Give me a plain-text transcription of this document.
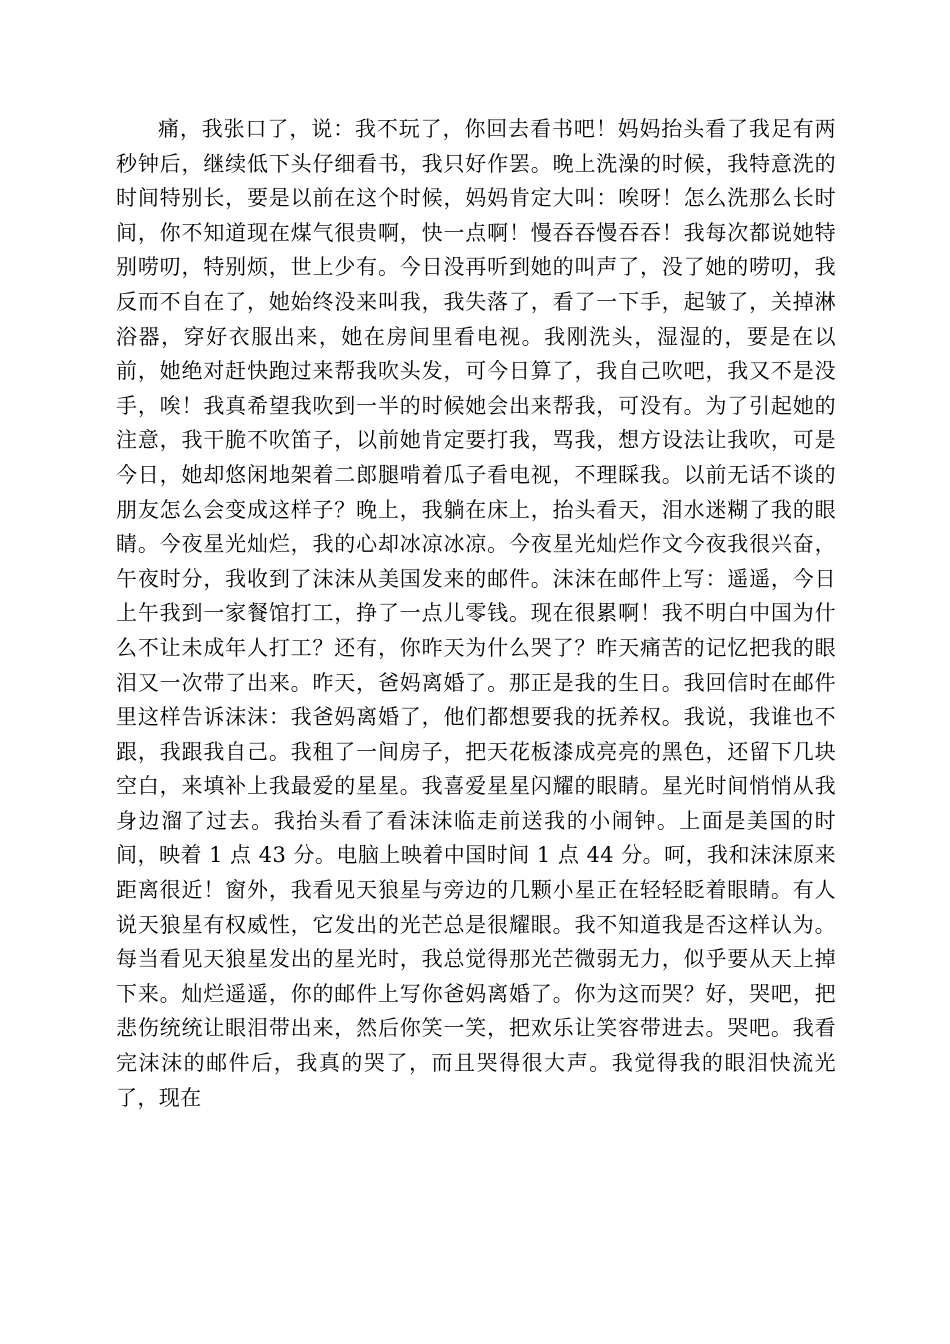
痛，我张口了，说：我不玩了，你回去看书吧！妈妈抬头看了我足有两秒钟后，继续低下头仔细看书，我只好作罢。晚上洗澡的时候，我特意洗的时间特别长，要是以前在这个时候，妈妈肯定大叫：唉呀！怎么洗那么长时间，你不知道现在煤气很贵啊，快一点啊！慢吞吞慢吞吞！我每次都说她特别唠叨，特别烦，世上少有。今日没再听到她的叫声了，没了她的唠叨，我反而不自在了，她始终没来叫我，我失落了，看了一下手，起皱了，关掉淋浴器，穿好衣服出来，她在房间里看电视。我刚洗头，湿湿的，要是在以前，她绝对赶快跑过来帮我吹头发，可今日算了，我自己吹吧，我又不是没手，唉！我真希望我吹到一半的时候她会出来帮我，可没有。为了引起她的注意，我干脆不吹笛子，以前她肯定要打我，骂我，想方设法让我吹，可是今日，她却悠闲地架着二郎腿啃着瓜子看电视，不理睬我。以前无话不谈的朋友怎么会变成这样子？晚上，我躺在床上，抬头看天，泪水迷糊了我的眼睛。今夜星光灿烂，我的心却冰凉冰凉。今夜星光灿烂作文今夜我很兴奋，午夜时分，我收到了沫沫从美国发来的邮件。沫沫在邮件上写：遥遥，今日上午我到一家餐馆打工，挣了一点儿零钱。现在很累啊！我不明白中国为什么不让未成年人打工？还有，你昨天为什么哭了？昨天痛苦的记忆把我的眼泪又一次带了出来。昨天，爸妈离婚了。那正是我的生日。我回信时在邮件里这样告诉沫沫：我爸妈离婚了，他们都想要我的抚养权。我说，我谁也不跟，我跟我自己。我租了一间房子，把天花板漆成亮亮的黑色，还留下几块空白，来填补上我最爱的星星。我喜爱星星闪耀的眼睛。星光时间悄悄从我身边溜了过去。我抬头看了看沫沫临走前送我的小闹钟。上面是美国的时间，映着 1 点 43 分。电脑上映着中国时间 1 点 44 分。呵，我和沫沫原来距离很近！窗外，我看见天狼星与旁边的几颗小星正在轻轻眨着眼睛。有人说天狼星有权威性，它发出的光芒总是很耀眼。我不知道我是否这样认为。每当看见天狼星发出的星光时，我总觉得那光芒微弱无力，似乎要从天上掉下来。灿烂遥遥，你的邮件上写你爸妈离婚了。你为这而哭？好，哭吧，把悲伤统统让眼泪带出来，然后你笑一笑，把欢乐让笑容带进去。哭吧。我看完沫沫的邮件后，我真的哭了，而且哭得很大声。我觉得我的眼泪快流光了，现在
